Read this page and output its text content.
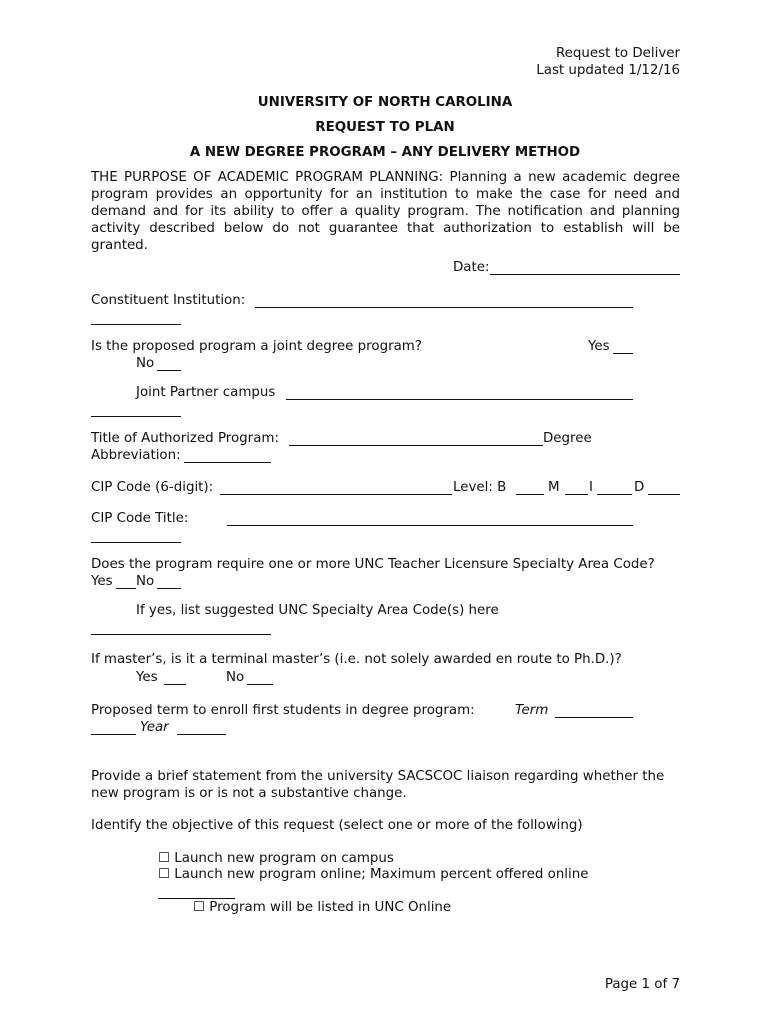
Request to Deliver
Last updated 1/12/16
UNIVERSITY OF NORTH CAROLINA
REQUEST TO PLAN
A NEW DEGREE PROGRAM – ANY DELIVERY METHOD
THE PURPOSE OF ACADEMIC PROGRAM PLANNING: Planning a new academic degree program provides an opportunity for an institution to make the case for need and demand and for its ability to offer a quality program. The notification and planning activity described below do not guarantee that authorization to establish will be granted.
Date:
Constituent Institution:
Is the proposed program a joint degree program?	Yes
No
Joint Partner campus
Title of Authorized Program:	Degree
Abbreviation:
CIP Code (6-digit):	Level: B	M I	D
CIP Code Title:
Does the program require one or more UNC Teacher Licensure Specialty Area Code?
Yes No
If yes, list suggested UNC Specialty Area Code(s) here
If master’s, is it a terminal master’s (i.e. not solely awarded en route to Ph.D.)?
Yes	No
Proposed term to enroll first students in degree program:	Term
Year
Provide a brief statement from the university SACSCOC liaison regarding whether the new program is or is not a substantive change.
Identify the objective of this request (select one or more of the following)
☐ Launch new program on campus
☐ Launch new program online; Maximum percent offered online
☐ Program will be listed in UNC Online
Page 1 of 7
